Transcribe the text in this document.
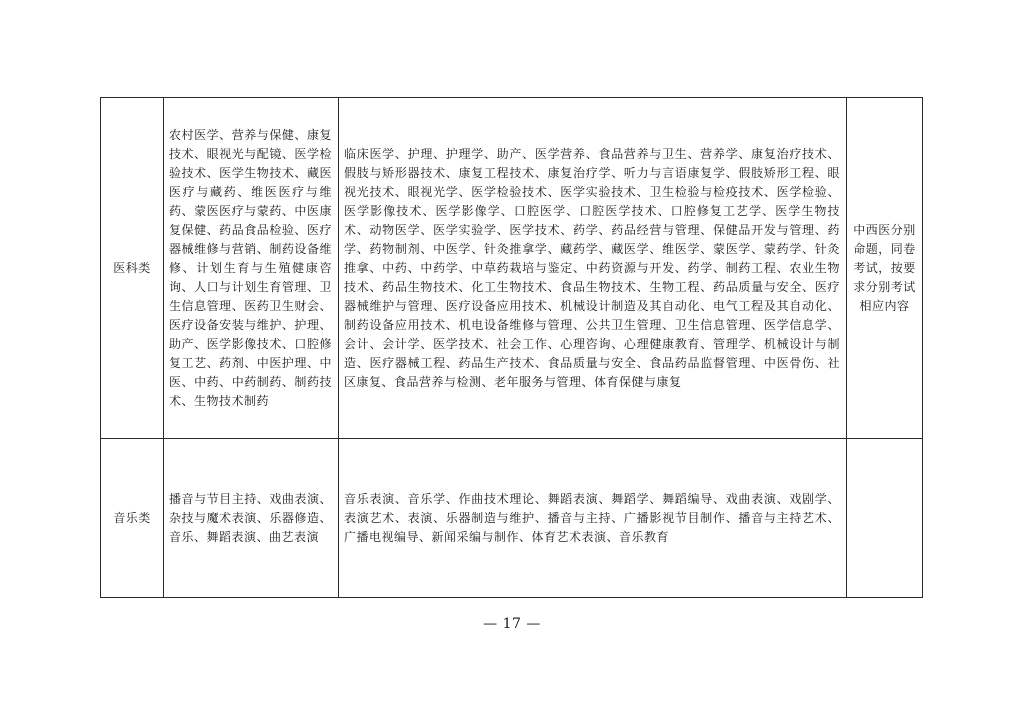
医科类	农村医学、营养与保健、康复技术、眼视光与配镜、医学检验技术、医学生物技术、藏医医疗与藏药、维医医疗与维药、蒙医医疗与蒙药、中医康复保健、药品食品检验、医疗器械维修与营销、制药设备维修、计划生育与生殖健康咨询、人口与计划生育管理、卫生信息管理、医药卫生财会、医疗设备安装与维护、护理、助产、医学影像技术、口腔修复工艺、药剂、中医护理、中医、中药、中药制药、制药技术、生物技术制药	临床医学、护理、护理学、助产、医学营养、食品营养与卫生、营养学、康复治疗技术、假肢与矫形器技术、康复工程技术、康复治疗学、听力与言语康复学、假肢矫形工程、眼视光技术、眼视光学、医学检验技术、医学实验技术、卫生检验与检疫技术、医学检验、医学影像技术、医学影像学、口腔医学、口腔医学技术、口腔修复工艺学、医学生物技术、动物医学、医学实验学、医学技术、药学、药品经营与管理、保健品开发与管理、药学、药物制剂、中医学、针灸推拿学、藏药学、藏医学、维医学、蒙医学、蒙药学、针灸推拿、中药、中药学、中草药栽培与鉴定、中药资源与开发、药学、制药工程、农业生物技术、药品生物技术、化工生物技术、食品生物技术、生物工程、药品质量与安全、医疗器械维护与管理、医疗设备应用技术、机械设计制造及其自动化、电气工程及其自动化、制药设备应用技术、机电设备维修与管理、公共卫生管理、卫生信息管理、医学信息学、会计、会计学、医学技术、社会工作、心理咨询、心理健康教育、管理学、机械设计与制造、医疗器械工程、药品生产技术、食品质量与安全、食品药品监督管理、中医骨伤、社区康复、食品营养与检测、老年服务与管理、体育保健与康复	中西医分别命题，同卷考试，按要求分别考试相应内容
音乐类	播音与节目主持、戏曲表演、杂技与魔术表演、乐器修造、音乐、舞蹈表演、曲艺表演	音乐表演、音乐学、作曲技术理论、舞蹈表演、舞蹈学、舞蹈编导、戏曲表演、戏剧学、表演艺术、表演、乐器制造与维护、播音与主持、广播影视节目制作、播音与主持艺术、广播电视编导、新闻采编与制作、体育艺术表演、音乐教育	
— 17 —
